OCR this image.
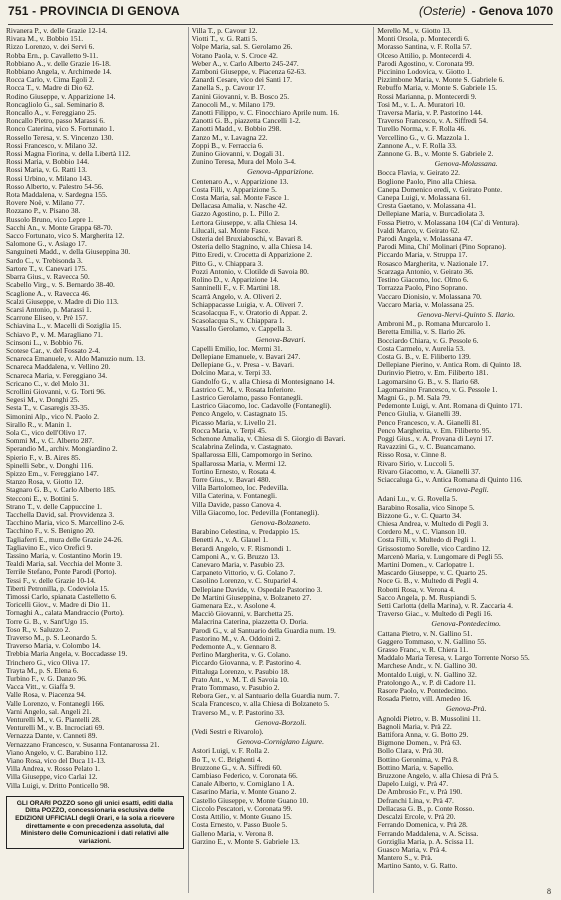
751 - PROVINCIA DI GENOVA	(Osterie) - Genova 1070
Rivanera P., v. delle Grazie 12-14.
Rivara M., v. Bobbio 151.
Rizzo Lorenzo, v. dei Servi 6.
Robba Ern., p. Cavalletto 9-11.
Robbiano A., v. delle Grazie 16-18.
Robbiano Angela, v. Archimede 14.
Rocca Carlo, v. Cima Egoli 2.
Rocca T., v. Madre di Dio 62.
Rodino Giuseppe, v. Apparizione 14.
Roncagliolo G., sal. Seminario 8.
Roncallo A., v. Fereggiano 25.
Roncallo Pietro, passo Marassi 6.
Ronco Caterina, vico S. Fortunato 1.
Rossello Teresa, v. S. Vincenzo 130.
Rossi Francesco, v. Milano 32.
Rossi Magna Fiorina, v. della Libertà 112.
Rossi Maria, v. Bobbio 144.
Rossi Maria, v. G. Ratti 13.
Rossi Urbino, v. Milano 143.
Rosso Alberto, v. Palestro 54-56.
Rota Maddalena, v. Sardegna 155.
Rovere Noè, v. Milano 77.
Rozzano P., v. Pisano 38.
Russolo Bruno, vico Lepre 1.
Sacchi An., v. Monte Grappa 68-70.
Sacco Fortunato, vico S. Margherita 12.
Salomone G., v. Asiago 17.
Sanguineti Madd., v. della Giuseppina 30.
Sardo C., v. Trebisonda 3.
Sartore T., v. Canevari 175.
Sbarra Gius., v. Ravecca 50.
Scabello Virg., v. S. Bernardo 38-40.
Scaglione A., v. Ravecca 46.
Scalzi Giuseppe, v. Madre di Dio 113.
Scarsi Antonio, p. Marassi 1.
Scarrone Eliseo, v. Prè 157.
Schiavina L., v. Macelli di Soziglia 15.
Schiavo P., v. M. Maragliano 71.
Scinsoni L., v. Bobbio 76.
Scotese Car., v. del Fossato 2-4.
Scnareca Emanuele, v. Aldo Manuzio num. 13.
Scnareca Maddalena, v. Vellino 20.
Scnareca Maria, v. Fereggiano 34.
Scricano C., v. del Molo 31.
Scrollini Giovanni, v. G. Torti 96.
Segesi M., v. Donghi 25.
Sesta T., v. Casaregis 33-35.
Simonini Alp., vico N. Paolo 2.
Sirallo R., v. Manin 1.
Sola C., vico dell'Olivo 17.
Sommi M., v. C. Alberto 287.
Sperandio M., archiv. Mongiardino 2.
Spierio F., v. B. Aires 85.
Spinelli Sebr., v. Donghi 116.
Spizzo Em., v. Fereggiano 147.
Stanzo Rosa, v. Giotto 12.
Stagnaro G. B., v. Carlo Alberto 185.
Stecconi E., v. Bottini 5.
Strano T., v. delle Cappuccine 1.
Tacchella David, sal. Provvidenza 3.
Tacchino Maria, vico S. Marcellino 2-6.
Tacchino F., v. S. Benigno 20.
Tagliaferri E., mura delle Grazie 24-26.
Tagliavino E., vico Orefici 9.
Tassino Maria, v. Costantino Morin 19.
Tealdi Maria, sal. Vecchia del Monte 3.
Terrile Stefano, Ponte Parodi (Porto).
Tessi F., v. delle Grazie 10-14.
Tiberti Petronilla, p. Codeviola 15.
Timossi Carlo, spianata Castelletto 6.
Toricelli Giov., v. Madre di Dio 11.
Tornaghi A., calata Mandraccio (Porto).
Torre G. B., v. Sant'Ugo 15.
Toso R., v. Saluzzo 2.
Traverso M., p. S. Leonardo 5.
Traverso Maria, v. Colombo 14.
Trebbia Maria Angela, v. Boccadasse 19.
Trinchero G., vico Oliva 17.
Trayta M., p. S. Elena 6.
Turbino F., v. G. Danzo 96.
Vacca Vitt., v. Giaffa 9.
Valle Rosa, v. Piacenza 94.
Valle Lorenzo, v. Fontanegli 166.
Varni Angelo, sal. Angeli 21.
Venturelli M., v. G. Piantelli 28.
Venturelli M., v. B. Incrociati 69.
Vernazza Dante, v. Canneti 89.
Vernazzano Francesco, v. Susanna Fontanarossa 21.
Viano Angelo, v. C. Barabino 112.
Viano Rosa, vico del Duca 11-13.
Villa Andrea, v. Rosso Pelato 1.
Villa Giuseppe, vico Carlai 12.
Villa Luigi, v. Dritto Ponticello 98.
GLI ORARI POZZO sono gli unici esatti, editi dalla Ditta POZZO, concessionaria esclusiva delle EDIZIONI UFFICIALI degli Orari, e la sola a ricevere direttamente e con precedenza assoluta, dal Ministero delle Comunicazioni i dati relativi alle variazioni.
Villa T., p. Cavour 12.
Viotti T., v. G. Ratti 5.
Volpe Maria, sal. S. Gerolamo 26.
Votano Paola, v. S. Croce 42.
Weber A., v. Carlo Alberto 245-247.
Zamboni Giuseppe, v. Piacenza 62-63.
Zanardi Cesare, vico dei Santi 17.
Zanella S., p. Cavour 17.
Zanini Giovanni, v. B. Bosco 25.
Zanocoli M., v. Milano 179.
Zanotti Filippo, v. C. Finocchiaro Aprile num. 16.
Zanotti G. B., piazzetta Cancelli 1-2.
Zanotti Madd., v. Bobbio 298.
Zanzo M., v. Lavagna 22.
Zoppi B., v. Ferraccia 6.
Zunino Giovanni, v. Dogali 31.
Zunino Teresa, Mura del Molo 3-4.
Genova-Apparizione.
Centenaro A., v. Apparizione 13.
Costa Filli, v. Apparizione 5.
Costa Maria, sal. Monte Fasce 1.
Dellacasa Amalia, v. Nasche 42.
Gazzo Agostino, p. L. Pillo 2.
Lertora Giuseppe, v. alla Chiesa 14.
Lilucali, sal. Monte Fasce.
Osteria del Bruxiaboschi, v. Bavari 8.
Osteria dello Stagnino, v. alla Chiesa 14.
Pitto Eredi, v. Crocetta di Apparizione 2.
Pitto G., v. Chiappara 3.
Pozzi Antonio, v. Clotilde di Savoia 80.
Rolino D., v. Apparizione 14.
Sanninelli F., v. F. Martini 18.
Scarrà Angelo, v. A. Oliveri 2.
Schiappacasse Luigia, v. A. Oliveri 7.
Scasolacqua F., v. Oratorio di Appar. 2.
Scasolacqua S., v. Chiappara 1.
Vassallo Gerolamo, v. Cappella 3.
Genova-Bavari.
Capelli Emilio, loc. Mermi 31.
Dellepiane Emanuele, v. Bavari 247.
Dellepiane G., v. Presa - v. Bavari.
Dolcino Mar.a, v. Terpi 33.
Gandolfo G., v. alla Chiesa di Montesignano 14.
Lastrico C. M., v. Rosata Inferiore.
Lastrico Gerolamo, passo Fontanegli.
Lastrico Giacomo, loc. Cadavolle (Fontanegli).
Penco Angelo, v. Castagnato 15.
Picasso Maria, v. Livello 21.
Rocca Maria, v. Terpi 45.
Schenone Amalia, v. Chiesa di S. Giorgio di Bavari.
Scalabrina Zelinda, v. Castagnato.
Spallarossa Elli, Campomorgo in Serino.
Spallarossa Maria, v. Mermi 12.
Tortino Ernesto, v. Rosata 4.
Torre Gius., v. Bavari 480.
Villa Bartolomeo, loc. Pedevilla.
Villa Caterina, v. Fontanegli.
Villa Davide, passo Canova 4.
Villa Giacomo, loc. Pedevilla (Fontanegli).
Genova-Bolzaneto.
Barabino Celestina, v. Predappio 15.
Benetti A., v. A. Glauel 1.
Berardi Angelo, v. F. Rismondi 1.
Camponi A., v. G. Bruzzo 13.
Canevaro Maria, v. Pasubio 23.
Carpaneto Vittorio, v. G. Colano 7.
Casolino Lorenzo, v. C. Stupariel 4.
Dellepiane Davide, v. Ospedale Pastorino 3.
De Martini Giuseppina, v. Bolzaneto 27.
Gamenara Ez., v. Asolone 4.
Macciò Giovanni, v. Barchetta 25.
Malacrina Caterina, piazzetta O. Doria.
Parodi G., v. al Santuario della Guardia num. 19.
Pastorino M., v. A. Oddoini 2.
Pedemonte A., v. Gennaro 8.
Perlino Margherita, v. G. Colano.
Piccardo Giovanna, v. P. Pastorino 4.
Pittaluga Lorenzo, v. Pasubio 18.
Prato Ant., v. M. T. di Savoia 10.
Prato Tommaso, v. Pasubio 2.
Rebora Ger., v. al Santuario della Guardia num. 7.
Scala Francesco, v. alla Chiesa di Bolzaneto 5.
Traverso M., v. P. Pastorino 33.
Genova-Borzoli.
(Vedi Sestri e Rivarolo).
Genova-Corniglano Ligure.
Astori Luigi, v. F. Rolla 2.
Bo T., v. C. Brighenti 4.
Bruzzone G., v. A. Siffredi 60.
Cambiaso Federico, v. Coronata 66.
Canale Alberto, v. Corniglano 1 A.
Casarino Maria, v. Monte Guano 2.
Castello Giuseppe, v. Monte Guano 10.
Ciccolo Pescatori, v. Coronata 99.
Costa Attilio, v. Monte Guano 15.
Costa Ernesto, v. Passo Buole 5.
Galleno Maria, v. Verona 8.
Garzino E., v. Monte S. Gabriele 13.
Merello M., v. Giotto 13.
Monti Orsola, p. Montecerdi 6.
Morasso Santina, v. F. Rolla 57.
Olceso Attilio, p. Montecerdi 4.
Parodi Agostino, v. Coronata 99.
Piccinino Lodovica, v. Giotto 1.
Pizzimbone Maria, v. Monte S. Gabriele 6.
Rebuffo Maria, v. Monte S. Gabriele 15.
Rossi Marianna, p. Montecerdi 9.
Tosi M., v. L. A. Muratori 10.
Traversa Maria, v. P. Pastorino 144.
Traverso Francesco, v. A. Siffredi 54.
Turello Norma, v. F. Rolla 46.
Vercellino G., v. G. Mazzola 1.
Zannone A., v. F. Rolla 33.
Zannone G. B., v. Monte S. Gabriele 2.
Genova-Molassana.
Bocca Flavia, v. Geirato 22.
Boglione Paolo, Pino alla Chiesa.
Canepa Domenico eredi, v. Geirato Ponte.
Canepa Luigi, v. Molassana 61.
Cresta Gaetano, v. Molassana 41.
Dellepiane Maria, v. Burcadiolata 3.
Fossa Pietro, v. Molassana 104 (Ca' di Ventura).
Ivaldi Marco, v. Geirato 62.
Parodi Angela, v. Molassana 47.
Parodi Mina, Chi' Molinari (Pino Soprano).
Piccardo Maria, v. Struppa 17.
Rosasco Margherita, v. Nazionale 17.
Scarzaga Antonio, v. Geirato 36.
Testino Giacomo, loc. Olmo 6.
Torrazza Paolo, Pino Soprano.
Vaccaro Dionisio, v. Molassana 70.
Vaccaro Maria, v. Molassana 25.
Genova-Nervi-Quinto S. Ilario.
Ambroni M., p. Romana Murcarolo 1.
Beretta Emilia, v. S. Ilario 26.
Bocciardo Chiara, v. G. Pessole 6.
Costa Carmelo, v. Aurelia 53.
Costa G. B., v. E. Filiberto 139.
Dellepiane Pierino, v. Antica Rom. di Quinto 18.
Durinvio Pietro, v. Em. Filiberto 181.
Lagomarsino G. B., v. S. Ilario 68.
Lagomarsino Francesco, v. G. Pessole 1.
Magni G., p. M. Sala 79.
Pedemonte Luigi, v. Ant. Romana di Quinto 171.
Penco Giulia, v. Gianelli 39.
Penco Francesco, v. A. Gianelli 81.
Penco Margherita, v. Em. Filiberto 95.
Poggi Gius., v. A. Provana di Leyni 17.
Ravazzini G., v. C. Buancamano.
Risso Rosa, v. Cinne 8.
Rivaro Sirio, v. Luccoli 5.
Rivaro Giacomo, v. A. Gianelli 37.
Sciaccaluga G., v. Antica Romana di Quinto 116.
Genova-Pegli.
Adani Lu., v. G. Rovella 5.
Barabino Rosalia, vico Sinope 5.
Bizzone G., v. C. Quarto 34.
Chiesa Andrea, v. Multedo di Pegli 3.
Cordero M., v. C. Vianson 10.
Costa Filli, v. Multedo di Pegli 1.
Grissostomo Sorelle, vico Cardino 12.
Marcenò Maria, v. Lungomare di Pegli 55.
Martini Domen., v. Carlopatre 1.
Mascardo Giuseppe, v. C. Quarto 25.
Noce G. B., v. Multedo di Pegli 4.
Robotti Rosa, v. Verona 4.
Sacco Angela, p. M. Ruspiandi 5.
Setti Carlotta (della Marina), v. R. Zaccaria 4.
Traverso Giac., v. Multedo di Pegli 16.
Genova-Pontedecimo.
Cattana Pietro, v. N. Gallino 51.
Gaggero Tommaso, v. N. Gallino 55.
Grasso Franc., v. R. Chiera 11.
Maddalo Maria Teresa, v. Largo Torrente Norso 55.
Marchese Andr., v. N. Gallino 30.
Montaldo Luigi, v. N. Gallino 32.
Pratolongo A., v. P. di Cadore 11.
Rasore Paolo, v. Pontedecimo.
Rosada Pietro, vill. Amedeo 16.
Genova-Prà.
Agnoldi Pietro, v. B. Mussolini 11.
Bagnoli Maria, v. Prà 22.
Battifora Anna, v. G. Botto 29.
Bigmone Domen., v. Prà 63.
Bollo Clara, v. Prà 30.
Bottino Geronima, v. Prà 8.
Bottino Maria, v. Sapello.
Bruzzone Angelo, v. alla Chiesa di Prà 5.
Dapelo Luigi, v. Prà 47.
De Ambrosio Fr., v. Prà 190.
Defranchi Lina, v. Prà 47.
Dellacasa G. B., p. Conte Rosso.
Descalzi Ercole, v. Prà 20.
Ferrando Domenica, v. Prà 28.
Ferrando Maddalena, v. A. Scissa.
Gorziglia Maria, p. A. Scissa 11.
Guasco Maria, v. Prà 4.
Mantero S., v. Prà.
Martino Santo, v. G. Ratto.
8
